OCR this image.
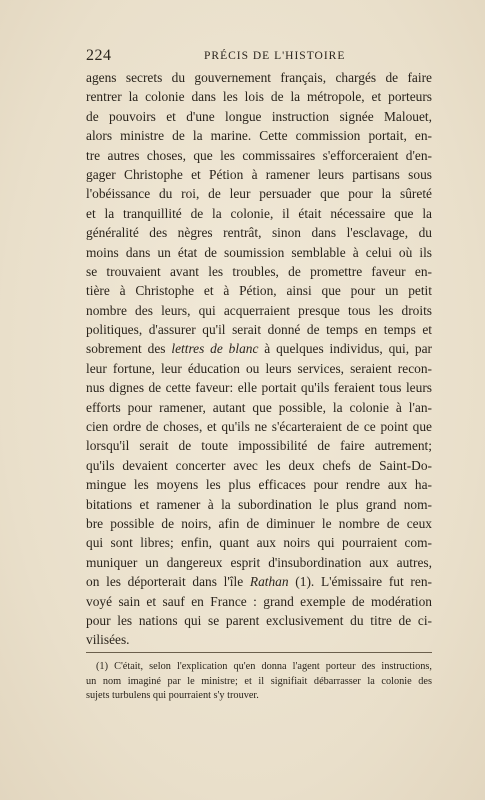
224	PRÉCIS DE L'HISTOIRE
agens secrets du gouvernement français, chargés de faire
rentrer la colonie dans les lois de la métropole, et porteurs
de pouvoirs et d'une longue instruction signée Malouet,
alors ministre de la marine. Cette commission portait, en-
tre autres choses, que les commissaires s'efforceraient d'en-
gager Christophe et Pétion à ramener leurs partisans sous
l'obéissance du roi, de leur persuader que pour la sûreté
et la tranquillité de la colonie, il était nécessaire que la
généralité des nègres rentrât, sinon dans l'esclavage, du
moins dans un état de soumission semblable à celui où ils
se trouvaient avant les troubles, de promettre faveur en-
tière à Christophe et à Pétion, ainsi que pour un petit
nombre des leurs, qui acquerraient presque tous les droits
politiques, d'assurer qu'il serait donné de temps en temps et
sobrement des lettres de blanc à quelques individus, qui, par
leur fortune, leur éducation ou leurs services, seraient recon-
nus dignes de cette faveur: elle portait qu'ils feraient tous leurs
efforts pour ramener, autant que possible, la colonie à l'an-
cien ordre de choses, et qu'ils ne s'écarteraient de ce point que
lorsqu'il serait de toute impossibilité de faire autrement;
qu'ils devaient concerter avec les deux chefs de Saint-Do-
mingue les moyens les plus efficaces pour rendre aux ha-
bitations et ramener à la subordination le plus grand nom-
bre possible de noirs, afin de diminuer le nombre de ceux
qui sont libres; enfin, quant aux noirs qui pourraient com-
muniquer un dangereux esprit d'insubordination aux autres,
on les déporterait dans l'île Rathan (1). L'émissaire fut ren-
voyé sain et sauf en France : grand exemple de modération
pour les nations qui se parent exclusivement du titre de ci-
vilisées.
(1) C'était, selon l'explication qu'en donna l'agent porteur des instructions,
un nom imaginé par le ministre; et il signifiait débarrasser la colonie des
sujets turbulens qui pourraient s'y trouver.
